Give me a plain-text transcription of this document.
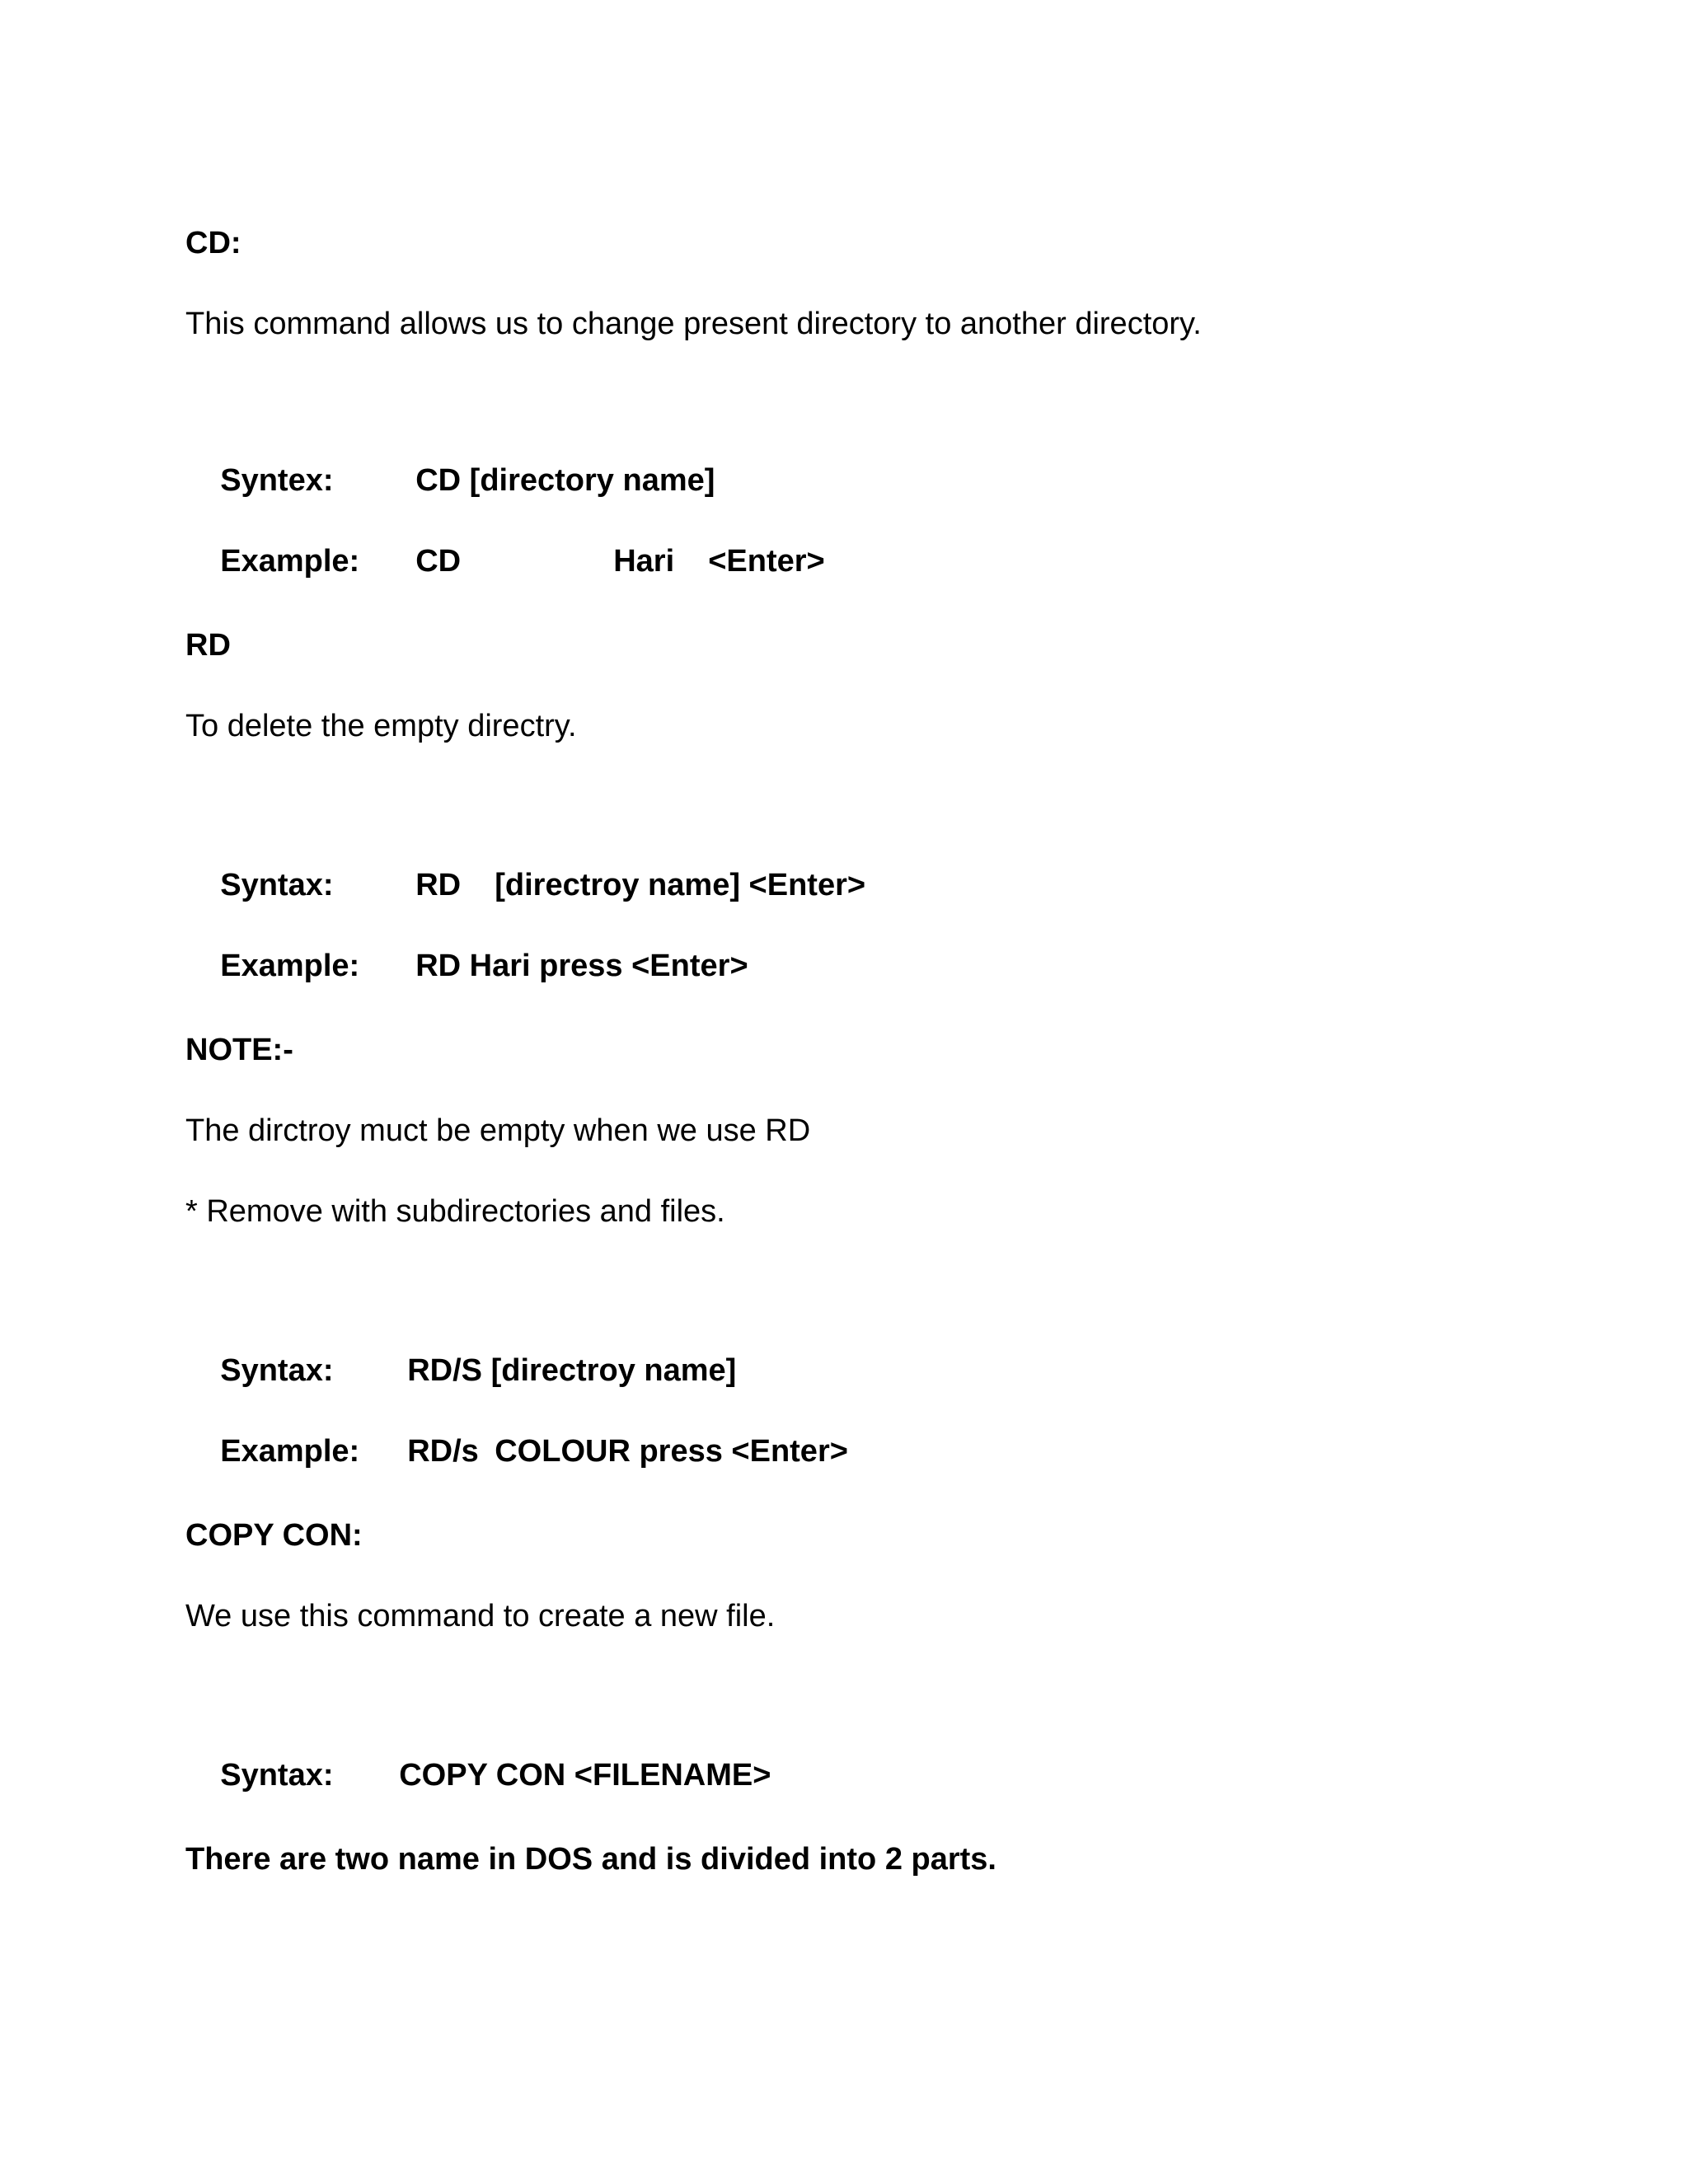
CD:
This command allows us to change present directory to another directory.

Syntex:	CD [directory name]

Example: CD	Hari <Enter>

RD
To delete the empty directry.

Syntax:	RD [directroy name] <Enter>

Example: RD Hari press <Enter>

NOTE:-
The dirctroy muct be empty when we use RD
* Remove with subdirectories and files.

Syntax: RD/S [directroy name]

Example: RD/s COLOUR press <Enter>

COPY CON:
We use this command to create a new file.

Syntax: COPY CON <FILENAME>

There are two name in DOS and is divided into 2 parts.
